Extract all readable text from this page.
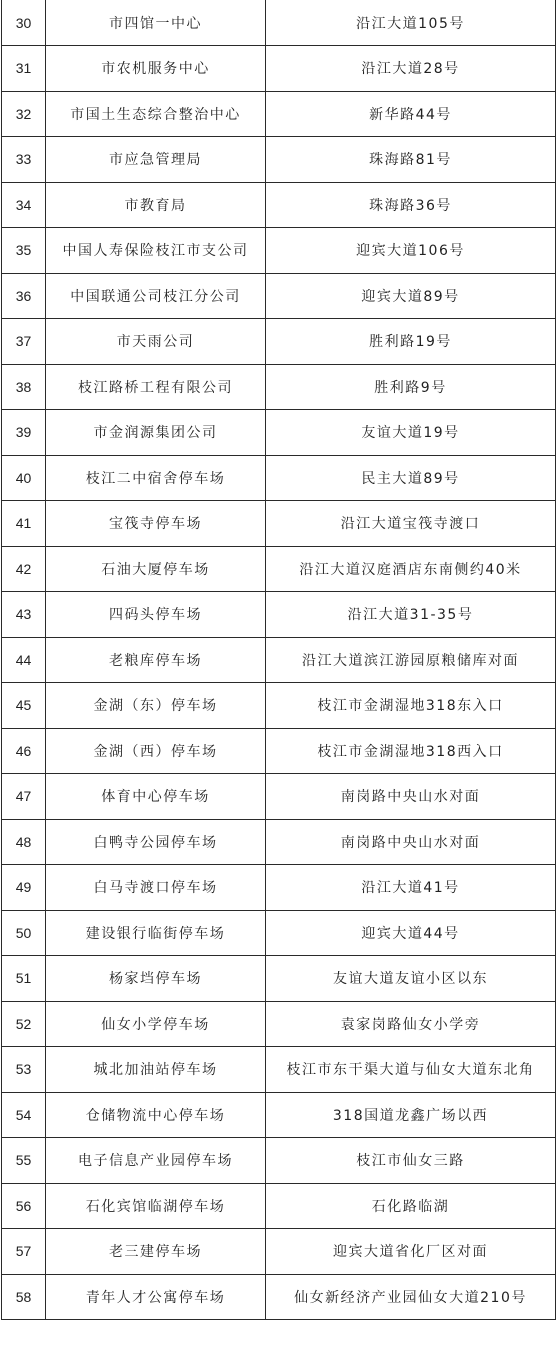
30	市四馆一中心	沿江大道105号
31	市农机服务中心	沿江大道28号
32	市国土生态综合整治中心	新华路44号
33	市应急管理局	珠海路81号
34	市教育局	珠海路36号
35	中国人寿保险枝江市支公司	迎宾大道106号
36	中国联通公司枝江分公司	迎宾大道89号
37	市天雨公司	胜利路19号
38	枝江路桥工程有限公司	胜利路9号
39	市金润源集团公司	友谊大道19号
40	枝江二中宿舍停车场	民主大道89号
41	宝筏寺停车场	沿江大道宝筏寺渡口
42	石油大厦停车场	沿江大道汉庭酒店东南侧约40米
43	四码头停车场	沿江大道31-35号
44	老粮库停车场	沿江大道滨江游园原粮储库对面
45	金湖（东）停车场	枝江市金湖湿地318东入口
46	金湖（西）停车场	枝江市金湖湿地318西入口
47	体育中心停车场	南岗路中央山水对面
48	白鸭寺公园停车场	南岗路中央山水对面
49	白马寺渡口停车场	沿江大道41号
50	建设银行临街停车场	迎宾大道44号
51	杨家垱停车场	友谊大道友谊小区以东
52	仙女小学停车场	袁家岗路仙女小学旁
53	城北加油站停车场	枝江市东干渠大道与仙女大道东北角
54	仓储物流中心停车场	318国道龙鑫广场以西
55	电子信息产业园停车场	枝江市仙女三路
56	石化宾馆临湖停车场	石化路临湖
57	老三建停车场	迎宾大道省化厂区对面
58	青年人才公寓停车场	仙女新经济产业园仙女大道210号
